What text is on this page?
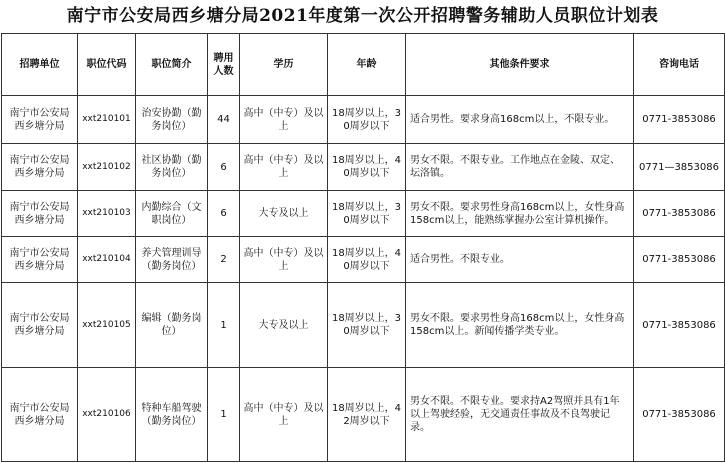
南宁市公安局西乡塘分局2021年度第一次公开招聘警务辅助人员职位计划表
招聘单位	职位代码	职位简介	聘用人数	学历	年龄	其他条件要求	咨询电话
南宁市公安局西乡塘分局	xxt210101	治安协勤（勤务岗位）	44	高中（中专）及以上	18周岁以上，30周岁以下	适合男性。要求身高168cm以上，不限专业。	0771-3853086
南宁市公安局西乡塘分局	xxt210102	社区协勤（勤务岗位）	6	高中（中专）及以上	18周岁以上，40周岁以下	男女不限。不限专业。工作地点在金陵、双定、坛洛镇。	0771—3853086
南宁市公安局西乡塘分局	xxt210103	内勤综合（文职岗位）	6	大专及以上	18周岁以上，30周岁以下	男女不限。要求男性身高168cm以上，女性身高158cm以上，能熟练掌握办公室计算机操作。	0771-3853086
南宁市公安局西乡塘分局	xxt210104	养犬管理训导（勤务岗位）	2	高中（中专）及以上	18周岁以上，40周岁以下	适合男性。不限专业。	0771-3853086
南宁市公安局西乡塘分局	xxt210105	编辑（勤务岗位）	1	大专及以上	18周岁以上，30周岁以下	男女不限。要求男性身高168cm以上，女性身高158cm以上。新闻传播学类专业。	0771-3853086
南宁市公安局西乡塘分局	xxt210106	特种车船驾驶（勤务岗位）	1	高中（中专）及以上	18周岁以上，42周岁以下	男女不限。不限专业。要求持A2驾照并具有1年以上驾驶经验，无交通责任事故及不良驾驶记录。	0771-3853086
